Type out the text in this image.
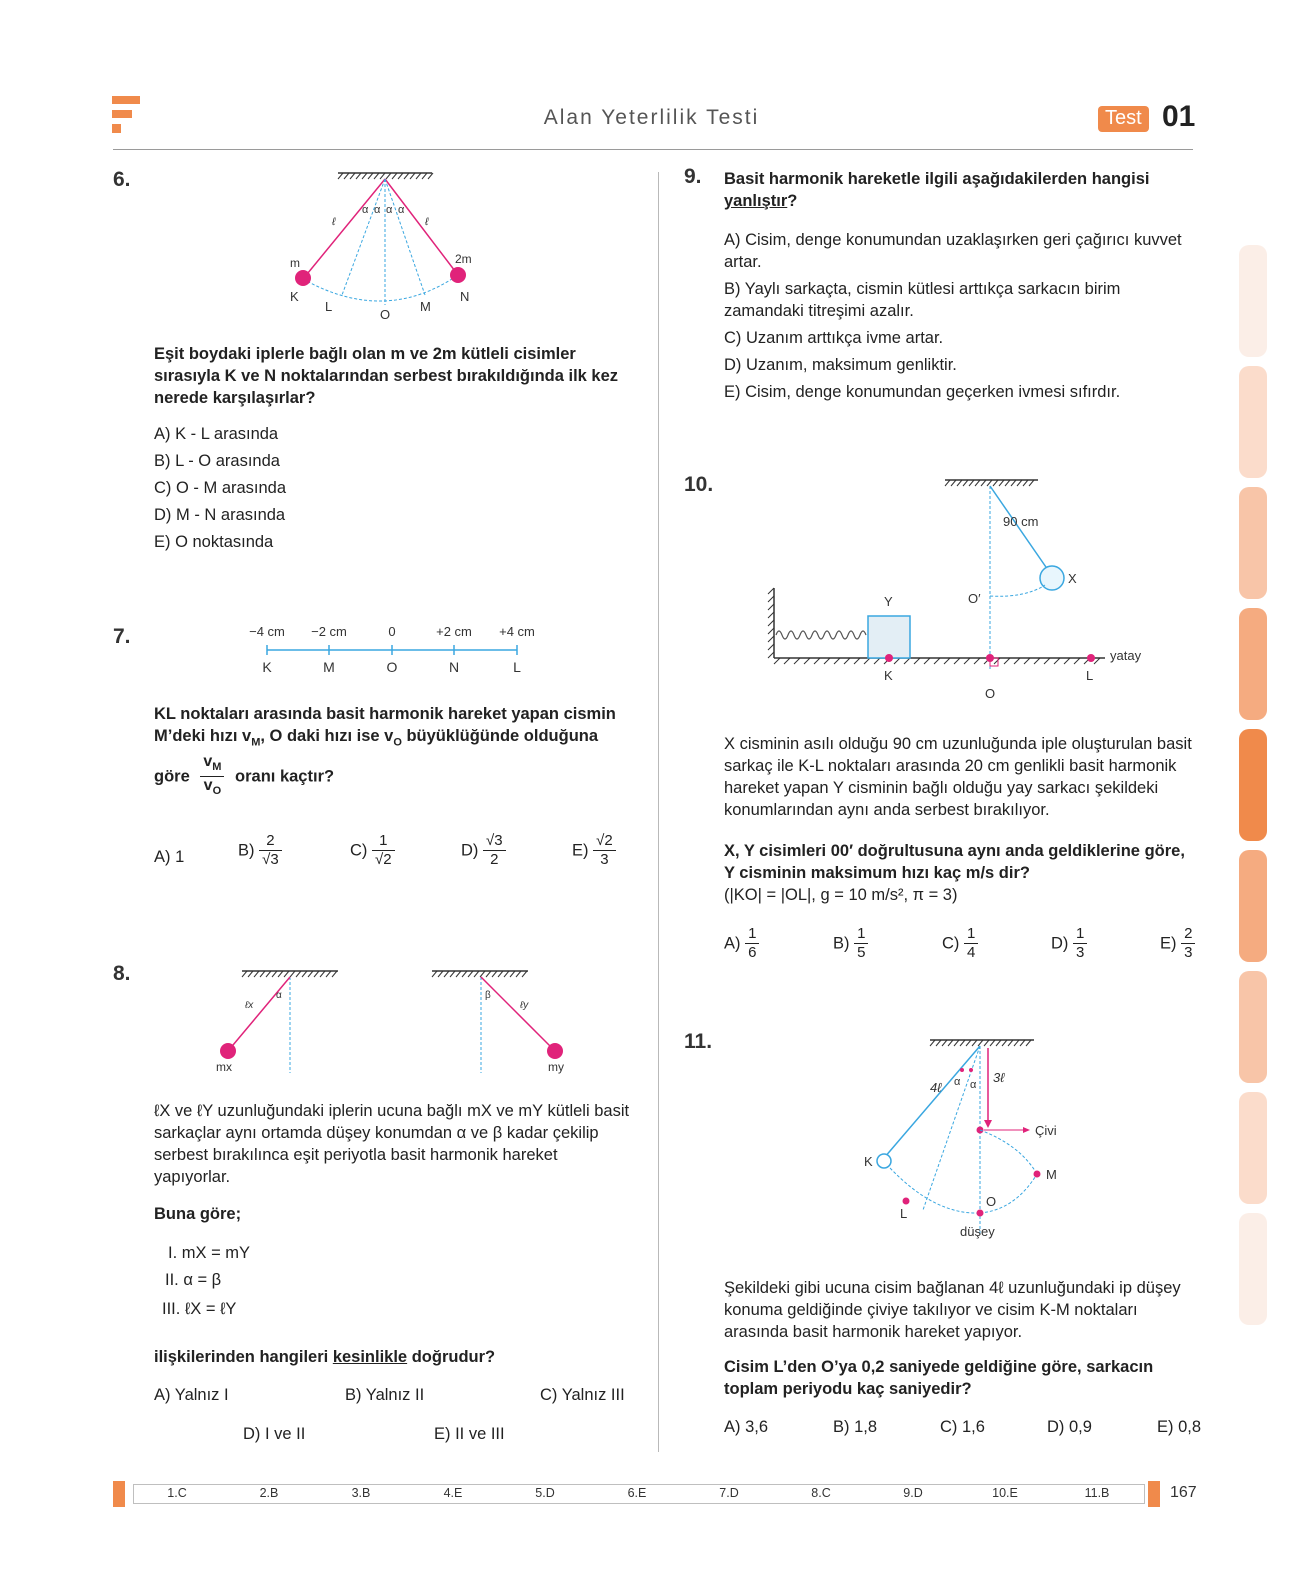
Alan Yeterlilik Testi	Test 01
6.
α α α α
ℓ	ℓ
m	2m
K
L
O
M
N
Eşit boydaki iplerle bağlı olan m ve 2m kütleli cisimler sırasıyla K ve N noktalarından serbest bırakıldığında ilk kez nerede karşılaşırlar?
A) K - L arasında
B) L - O arasında
C) O - M arasında
D) M - N arasında
E) O noktasında
7.	−4 cm −2 cm	0	+2 cm +4 cm
K	M	O	N	L
KL noktaları arasında basit harmonik hareket yapan cismin
M’deki hızı $v_M$, O daki hızı ise $v_O$ büyüklüğünde olduğuna
göre $\frac{v_M}{v_O}$ oranı kaçtır?
A) 1	$B) \frac{2}{√3}$	$C) \frac{1}{√2}$	$D) \frac{√3}{2}$	$E) \frac{√2}{3}$
8.
α
ℓx
mx
β
ℓy
my
ℓX ve ℓY uzunluğundaki iplerin ucuna bağlı mX ve mY kütleli basit sarkaçlar aynı ortamda düşey konumdan α ve β kadar çekilip serbest bırakılınca eşit periyotla basit harmonik hareket yapıyorlar.
Buna göre;
I. mX = mY
II. α = β
III. ℓX = ℓY
ilişkilerinden hangileri kesinlikle doğrudur?
A) Yalnız I	B) Yalnız II	C) Yalnız III
D) I ve II	E) II ve III
9. Basit harmonik hareketle ilgili aşağıdakilerden hangisi yanlıştır?
A) Cisim, denge konumundan uzaklaşırken geri çağırıcı kuvvet artar.
B) Yaylı sarkaçta, cismin kütlesi arttıkça sarkacın birim zamandaki titreşimi azalır.
C) Uzanım arttıkça ivme artar.
D) Uzanım, maksimum genliktir.
E) Cisim, denge konumundan geçerken ivmesi sıfırdır.
10.
90 cm
X
Y	O′
K	L
O
yatay
X cisminin asılı olduğu 90 cm uzunluğunda iple oluşturulan basit sarkaç ile K-L noktaları arasında 20 cm genlikli basit harmonik hareket yapan Y cisminin bağlı olduğu yay sarkacı şekildeki konumlarından aynı anda serbest bırakılıyor.
X, Y cisimleri 00′ doğrultusuna aynı anda geldiklerine göre, Y cisminin maksimum hızı kaç m/s dir?
(|KO| = |OL|, g = 10 m/s², π = 3)
$A) \frac{1}{6}$	$B) \frac{1}{5}$	$C) \frac{1}{4}$	$D) \frac{1}{3}$	$E) \frac{2}{3}$
11.
4ℓ
3ℓ
α α
Çivi
K
L
O
M
düşey
Şekildeki gibi ucuna cisim bağlanan 4ℓ uzunluğundaki ip düşey konuma geldiğinde çiviye takılıyor ve cisim K-M noktaları arasında basit harmonik hareket yapıyor.
Cisim L’den O’ya 0,2 saniyede geldiğine göre, sarkacın toplam periyodu kaç saniyedir?
A) 3,6	B) 1,8	C) 1,6	D) 0,9	E) 0,8
1.C	2.B	3.B	4.E	5.D	6.E	7.D	8.C	9.D	10.E	11.B	167
